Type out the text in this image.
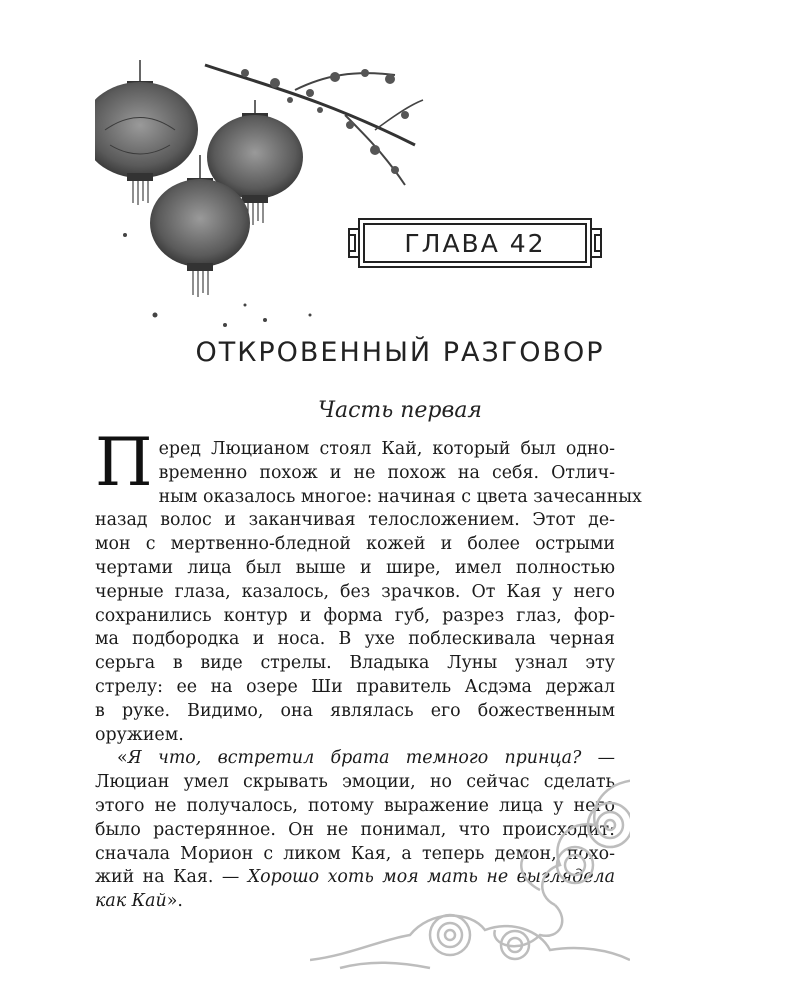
ГЛАВА 42
ОТКРОВЕННЫЙ РАЗГОВОР
Часть первая
П еред Люцианом стоял Кай, который был одно-
временно похож и не похож на себя. Отлич-
ным оказалось многое: начиная с цвета зачесанных
назад волос и заканчивая телосложением. Этот де-
мон с мертвенно-бледной кожей и более острыми
чертами лица был выше и шире, имел полностью
черные глаза, казалось, без зрачков. От Кая у него
сохранились контур и форма губ, разрез глаз, фор-
ма подбородка и носа. В ухе поблескивала черная
серьга в виде стрелы. Владыка Луны узнал эту
стрелу: ее на озере Ши правитель Асдэма держал
в руке. Видимо, она являлась его божественным
оружием.
«Я что, встретил брата темного принца? —
Люциан умел скрывать эмоции, но сейчас сделать
этого не получалось, потому выражение лица у него
было растерянное. Он не понимал, что происходит:
сначала Морион с ликом Кая, а теперь демон, похо-
жий на Кая. — Хорошо хоть моя мать не выглядела
как Кай».
